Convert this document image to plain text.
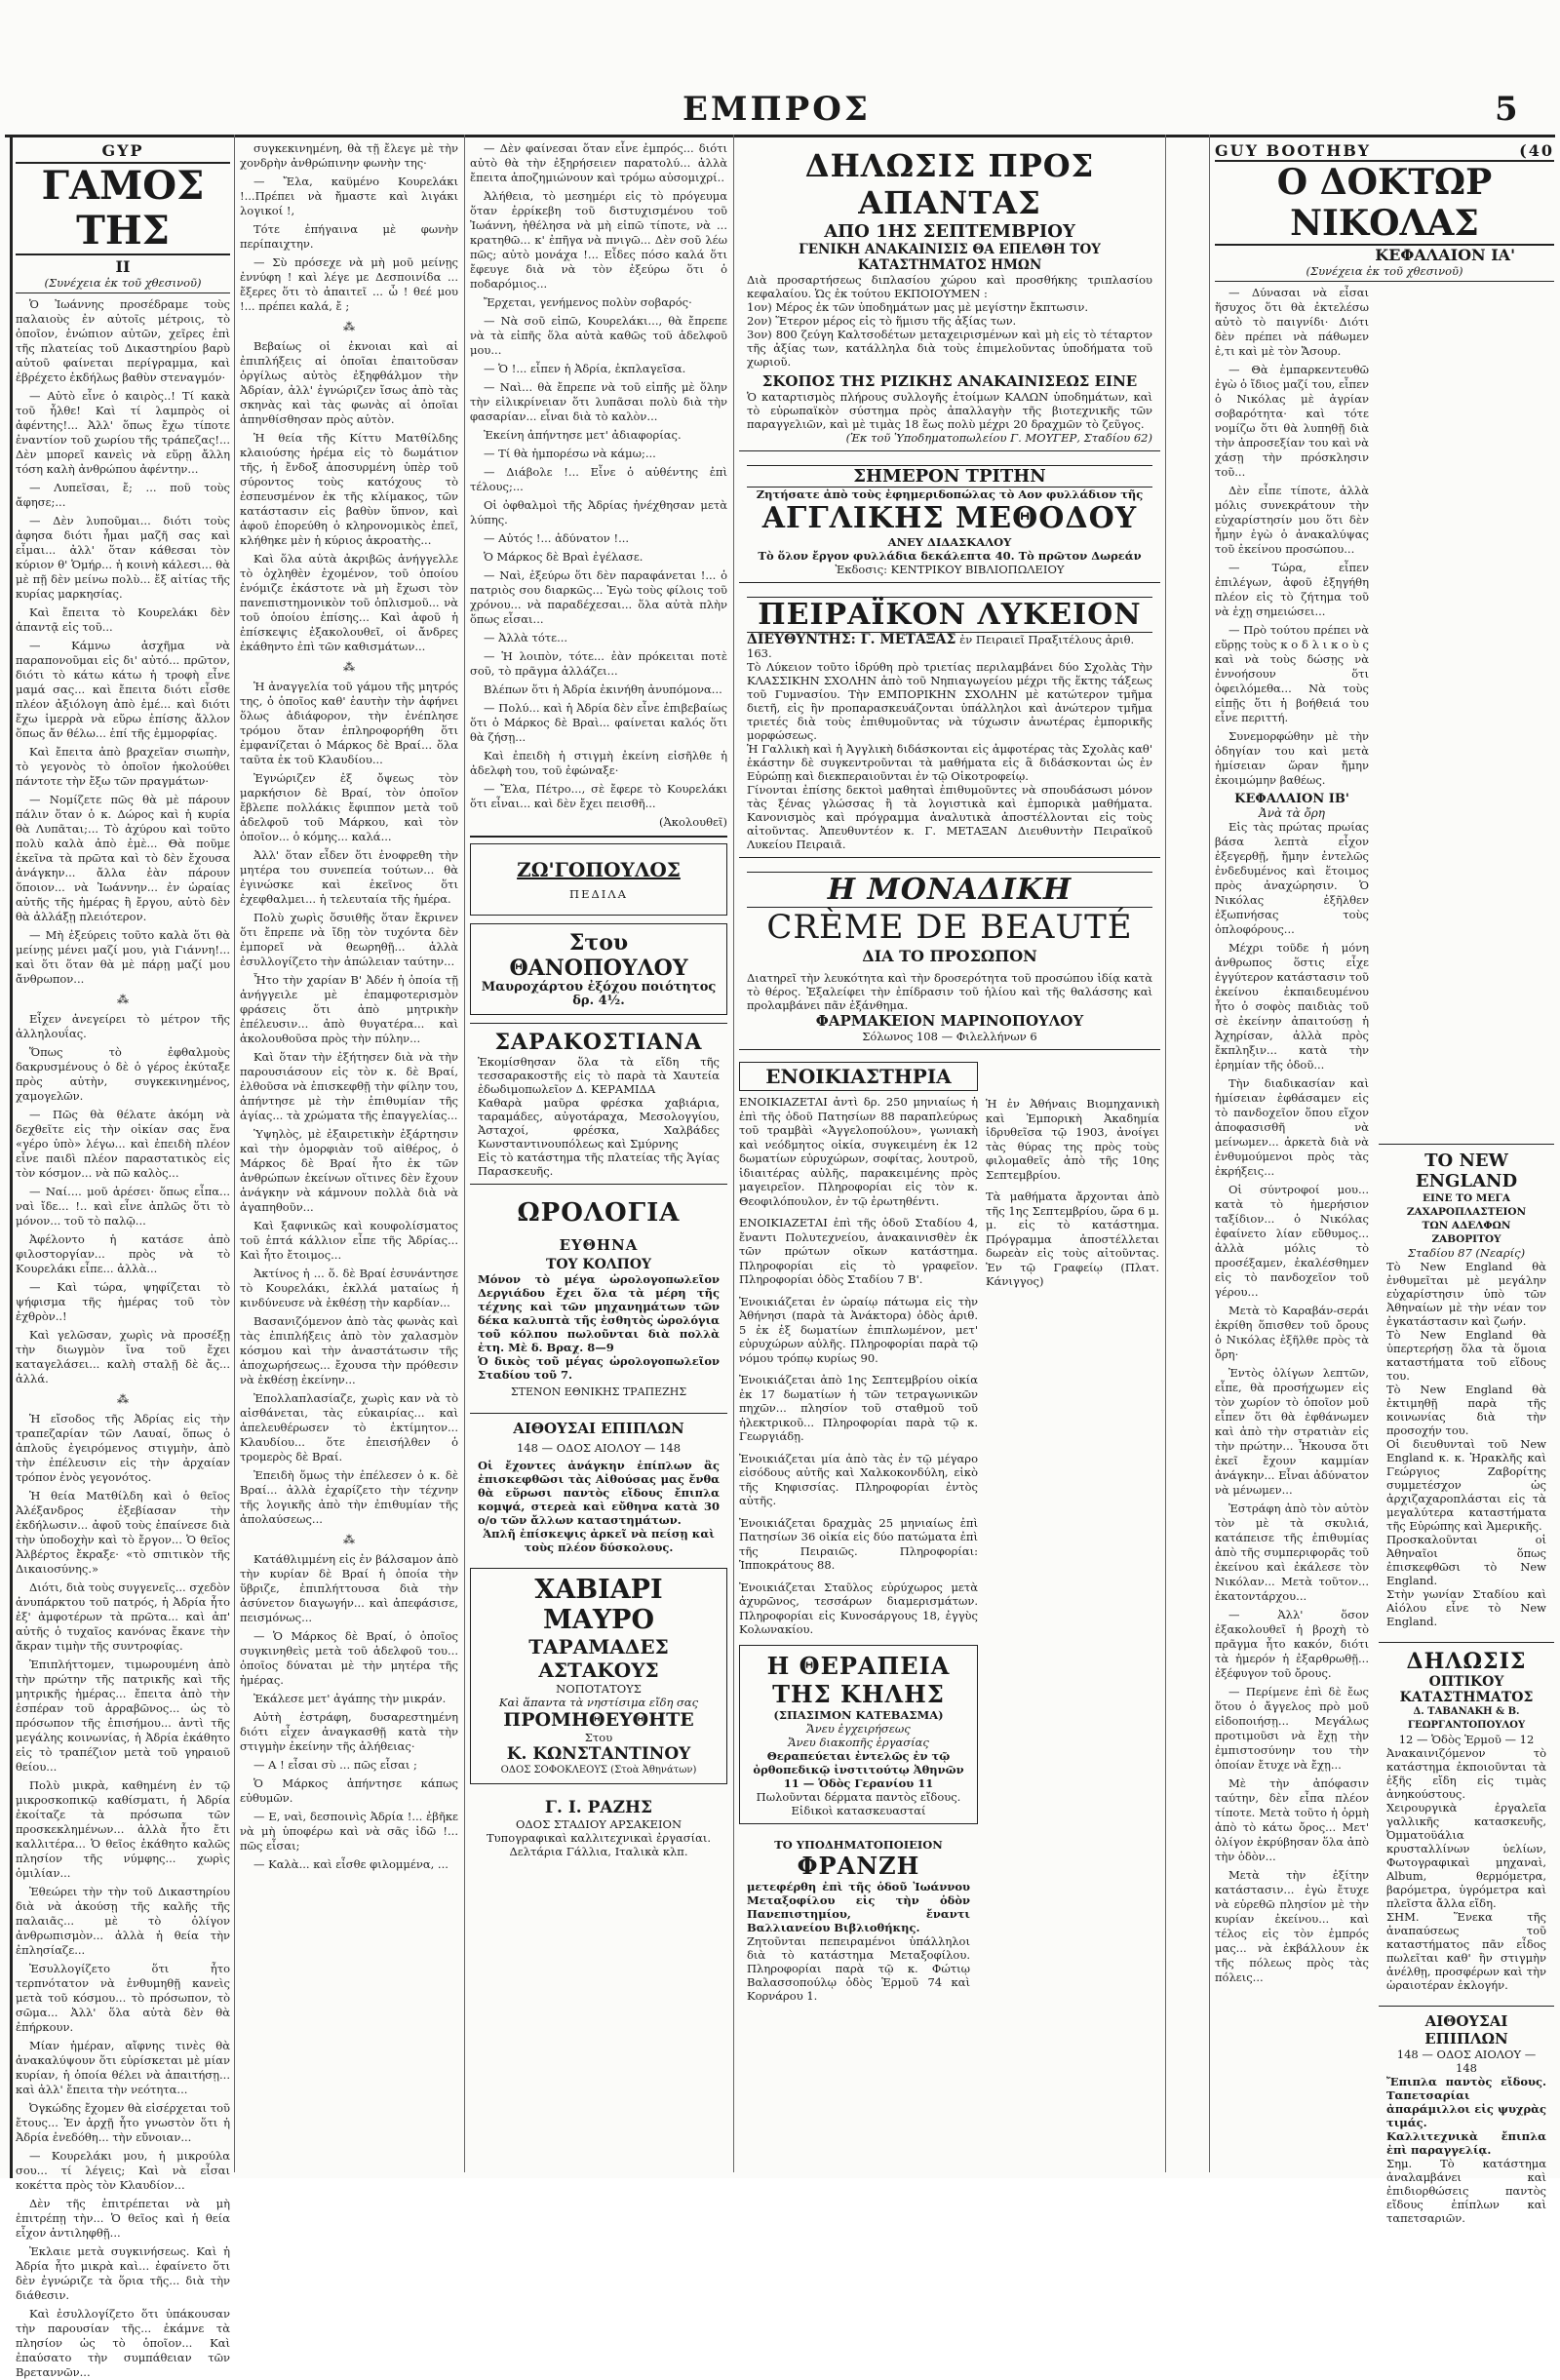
ΕΜΠΡΟΣ	5
GYP
ΓΑΜΟΣ ΤΗΣ
II
(Συνέχεια ἐκ τοῦ χθεσινοῦ)

Ὁ Ἰωάννης προσέδραμε τοὺς παλαιοὺς ἐν αὐτοῖς μέτροις, τὸ ὁποῖον, ἐνώπιον αὐτῶν, χεῖρες ἐπὶ τῆς πλατείας τοῦ Δικαστηρίου βαρὺ αὐτοῦ φαίνεται περίγραμμα, καὶ ἐβρέχετο ἐκδήλως βαθὺν στεναγμόν·

— Αὐτὸ εἶνε ὁ καιρὸς..! Τί κακὰ τοῦ ἦλθε! Καὶ τί λαμπρὸς οἱ ἀφέντης!... Ἀλλ' ὅπως ἔχω τίποτε ἐναντίον τοῦ χωρίου τῆς τράπεζας!... Δὲν μπορεῖ κανεὶς νὰ εὕρῃ ἄλλη τόση καλὴ ἀνθρώπου ἀφέντην...

— Λυπεῖσαι, ἔ; ... ποῦ τοὺς ἄφησε;...

— Δὲν λυποῦμαι... διότι τοὺς ἀφησα διότι ἦμαι μαζῆ σας καὶ εἶμαι... ἀλλ' ὅταν κάθεσαι τὸν κύριον θ' Ὁμήρ... ἡ κοινὴ κάλεσι... θὰ μὲ πῇ δὲν μείνω πολὺ... ἔξ αἰτίας τῆς κυρίας μαρκησίας.

Καὶ ἔπειτα τὸ Κουρελάκι δὲν ἀπαντᾷ εἰς τοῦ...

— Κάμνω ἀσχῆμα νὰ παραπονοῦμαι εἰς δι' αὐτό... πρῶτον, διότι τὸ κάτω κάτω ἡ τροφὴ εἶνε μαμά σας... καὶ ἔπειτα διότι εἶσθε πλέον ἀξιόλογη ἀπὸ ἐμέ... καὶ διότι ἔχω ἱμερρὰ νὰ εὕρω ἐπίσης ἄλλον ὅπως ἄν θέλω... ἐπί τῆς ἐμμορφίας.

Καὶ ἔπειτα ἀπὸ βραχεῖαν σιωπὴν, τὸ γεγονὸς τὸ ὁποῖον ἠκολούθει πάντοτε τὴν ἔξω τῶν πραγμάτων·

— Νομίζετε πῶς θὰ μὲ πάρουν πάλιν ὅταν ὁ κ. Δώρος καὶ ἡ κυρία θὰ Λυπᾶται;... Τὸ ἀχύρου καὶ τοῦτο πολὺ καλὰ ἀπὸ ἐμὲ... Θὰ ποῦμε ἑκεῖνα τὰ πρῶτα καὶ τὸ δὲν ἔχουσα ἀνάγκην... ἄλλα ἐὰν πάρουν ὅποιον... νὰ Ἰωάννην... ἐν ὡραίας αὐτῆς τῆς ἡμέρας ἢ ἔργου, αὐτὸ δὲν θὰ ἀλλάξῃ πλειότερον.

— Μὴ ἐξεύρεις τοῦτο καλὰ ὅτι θὰ μείνῃς μένει μαζί μου, γιὰ Γιάννη!... καὶ ὅτι ὅταν θὰ μὲ πάρῃ μαζί μου ἄνθρωπον...

⁂

Εἶχεν ἀνεγείρει τὸ μέτρον τῆς ἀλληλουΐας.

Ὅπως τὸ ἐφθαλμοὺς δακρυσμένους ὁ δὲ ὁ γέρος ἐκύταξε πρὸς αὐτὴν, συγκεκινημένος, χαμογελῶν.

— Πῶς θὰ θέλατε ἀκόμη νὰ δεχθεῖτε εἰς τὴν οἰκίαν σας ἕνα «γέρο ὑπὸ» λέγω... καὶ ἐπειδὴ πλέον εἶνε παιδὶ πλέον παραστατικὸς εἰς τὸν κόσμον... νὰ πῶ καλὸς...

— Ναί.... μοῦ ἀρέσει· ὅπως εἶπα... ναὶ ἴδε... !.. καὶ εἶνε ἀπλῶς ὅτι τὸ μόνον... τοῦ τὸ παλῷ...

Ἀφέλοντο ἡ κατάσε ἀπὸ φιλοστοργίαν... πρὸς νὰ τὸ Κουρελάκι εἶπε... ἀλλὰ...

— Καὶ τώρα, ψηφίζεται τὸ ψήφισμα τῆς ἡμέρας τοῦ τὸν ἐχθρὸν..!

Καὶ γελῶσαν, χωρὶς νὰ προσέξῃ τὴν διωγμὸν ἴνα τοῦ ἔχει καταγελάσει... καλὴ σταλῇ δὲ ἄς... ἀλλά.

⁂

Ἡ εἴσοδος τῆς Ἀδρίας εἰς τὴν τραπεζαρίαν τῶν Λαυαί, ὅπως ὁ ἀπλοῦς ἐγειρόμενος στιγμὴν, ἀπὸ τὴν ἐπέλευσιν εἰς τὴν ἀρχαίαν τρόπον ἑνὸς γεγονότος.

Ἡ θεία Ματθίλδη καὶ ὁ θεῖος Ἀλέξανδρος ἐξεβίασαν τὴν ἐκδήλωσιν... ἀφοῦ τοὺς ἐπαίνεσε διὰ τὴν ὑποδοχὴν καὶ τὸ ἔργον... Ὁ θεῖος Ἀλβέρτος ἔκραξε· «τὸ σπιτικὸν τῆς Δικαιοσύνης.»

Διότι, διὰ τοὺς συγγενεῖς... σχεδὸν ἀνυπάρκτου τοῦ πατρός, ἡ Ἀδρία ἦτο ἐξ' ἀμφοτέρων τὰ πρῶτα... καὶ ἀπ' αὐτῆς ὁ τυχαῖος κανόνας ἔκανε τὴν ἄκραν τιμὴν τῆς συντροφίας.

Ἐπιπλήττομεν, τιμωρουμένη ἀπὸ τὴν πρώτην τῆς πατρικῆς καὶ τῆς μητρικῆς ἡμέρας... ἔπειτα ἀπὸ τὴν ἑσπέραν τοῦ ἀρραβῶνος... ὡς τὸ πρόσωπον τῆς ἐπισήμου... ἀντὶ τῆς μεγάλης κοινωνίας, ἡ Ἀδρία ἐκάθητο εἰς τὸ τραπέζιον μετὰ τοῦ γηραιοῦ θείου...

Πολὺ μικρὰ, καθημένη ἐν τῷ μικροσκοπικῷ καθίσματι, ἡ Ἀδρία ἐκοίταζε τὰ πρόσωπα τῶν προσκεκλημένων... ἀλλὰ ἦτο ἔτι καλλιτέρα... Ὁ θεῖος ἐκάθητο καλῶς πλησίον τῆς νύμφης... χωρὶς ὁμιλίαν...

Ἐθεώρει τὴν τὴν τοῦ Δικαστηρίου διὰ νὰ ἀκούσῃ τῆς καλῆς τῆς παλαιᾶς... μὲ τὸ ὀλίγον ἀνθρωπισμὸν... ἀλλὰ ἡ θεία τὴν ἐπλησίαζε...

Ἐσυλλογίζετο ὅτι ἦτο τερπνότατον νὰ ἐνθυμηθῇ κανεὶς μετὰ τοῦ κόσμου... τὸ πρόσωπον, τὸ σῶμα... Ἀλλ' ὅλα αὐτὰ δὲν θὰ ἐπήρκουν.

Μίαν ἡμέραν, αἴφνης τινὲς θὰ ἀνακαλύψουν ὅτι εὑρίσκεται μὲ μίαν κυρίαν, ἡ ὁποία θέλει νὰ ἀπαιτήσῃ... καὶ ἀλλ' ἔπειτα τὴν νεότητα...

Ὀγκώδης ἔχομεν θὰ εἰσέρχεται τοῦ ἔτους... Ἐν ἀρχῇ ἦτο γνωστὸν ὅτι ἡ Ἀδρία ἐνεδόθη... τὴν εὔνοιαν...

— Κουρελάκι μου, ἡ μικρούλα σου... τί λέγεις; Καὶ νὰ εἶσαι κοκέττα πρὸς τὸν Κλαυδίον...

Δὲν τῆς ἐπιτρέπεται νὰ μὴ ἐπιτρέπῃ τὴν... Ὁ θεῖος καὶ ἡ θεία εἶχον ἀντιληφθῇ...

Ἐκλαιε μετὰ συγκινήσεως. Καὶ ἡ Ἀδρία ἦτο μικρὰ καὶ... ἐφαίνετο ὅτι δὲν ἐγνώριζε τὰ ὅρια τῆς... διὰ τὴν διάθεσιν.

Καὶ ἐσυλλογίζετο ὅτι ὑπάκουσαν τὴν παρουσίαν τῆς... ἐκάμνε τὰ πλησίον ὡς τὸ ὁποῖον... Καὶ ἐπαύσατο τὴν συμπάθειαν τῶν Βρεταννῶν...

συγκεκινημένη, θὰ τῇ ἔλεγε μὲ τὴν χονδρὴν ἀνθρώπινην φωνὴν της·

— Ἔλα, καϋμένο Κουρελάκι !...Πρέπει νὰ ἤμαστε καὶ λιγάκι λογικοί !,

Τότε ἐπήγαινα μὲ φωνὴν περίπαιχτην.

— Σὺ πρόσεχε νὰ μὴ μοῦ μείνῃς ἐννύφη ! καὶ λέγε με Δεσποινίδα ... ἔξερες ὅτι τὸ ἀπαιτεῖ ... ὦ ! θεέ μου !... πρέπει καλά, ἔ ;

⁂

Βεβαίως οἱ ἐκνοιαι καὶ αἱ ἐπιπλήξεις αἱ ὁποῖαι ἐπαιτοῦσαν ὀργίλως αὐτὸς ἐξηφθάλμον τὴν Ἀδρίαν, ἀλλ' ἐγνώριζεν ἴσως ἀπὸ τὰς σκηνὰς καὶ τὰς φωνὰς αἱ ὁποῖαι ἀπηνθίσθησαν πρὸς αὐτὸν.

Ἡ θεία τῆς Κίττυ Ματθίλδης κλαιούσης ἡρέμα εἰς τὸ δωμάτιον τῆς, ἡ ἔνδοξ ἀποσυρμένη ὑπὲρ τοῦ σύροντος τοὺς κατόχους τὸ ἐσπευσμένον ἐκ τῆς κλίμακος, τῶν κατάστασιν εἰς βαθὺν ὕπνον, καὶ ἀφοῦ ἐπορεύθη ὁ κληρονομικὸς ἐπεῖ, κλήθηκε μὲν ἡ κύριος ἀκροατὴς...

Καὶ ὅλα αὐτὰ ἀκριβῶς ἀνήγγελλε τὸ ὀχληθὲν ἐχομένον, τοῦ ὁποίου ἐνόμιζε ἐκάστοτε νὰ μὴ ἔχωσι τὸν πανεπιστημονικὸν τοῦ ὁπλισμοῦ... νὰ τοῦ ὁποίου ἐπίσης... Καὶ ἀφοῦ ἡ ἐπίσκεψις ἐξακολουθεῖ, οἱ ἄνδρες ἐκάθηντο ἐπὶ τῶν καθισμάτων...

⁂

Ἡ ἀναγγελία τοῦ γάμου τῆς μητρός της, ὁ ὁποῖος καθ' ἑαυτὴν τὴν ἀφήνει ὅλως ἀδιάφορον, τὴν ἐνέπλησε τρόμου ὅταν ἐπληροφορήθη ὅτι ἐμφανίζεται ὁ Μάρκος δὲ Βραί... ὅλα ταῦτα ἐκ τοῦ Κλαυδίου...

Ἐγνώριζεν ἐξ ὄψεως τὸν μαρκήσιον δὲ Βραί, τὸν ὁποῖον ἔβλεπε πολλάκις ἔφιππον μετὰ τοῦ ἀδελφοῦ τοῦ Μάρκου, καὶ τὸν ὁποῖον... ὁ κόμης... καλά...

Ἀλλ' ὅταν εἶδεν ὅτι ἐνοφρεθη τὴν μητέρα του συνεπεία τούτων... θὰ ἐγινώσκε καὶ ἐκεῖνος ὅτι ἐχεφθαλμει... ἡ τελευταία τῆς ἡμέρα.

Πολὺ χωρὶς ὅσυιθῆς ὅταν ἔκρινεν ὅτι ἔπρεπε νὰ ἴδῃ τὸν τυχόντα δὲν ἐμπορεῖ νὰ θεωρηθῇ... ἀλλὰ ἐσυλλογίζετο τὴν ἀπώλειαν ταύτην...

Ἦτο τὴν χαρίαν Β' Ἀδέν ἡ ὁποία τῇ ἀνήγγειλε μὲ ἐπαμφοτερισμὸν φράσεις ὅτι ἀπὸ μητρικὴν ἐπέλευσιν... ἀπὸ θυγατέρα... καὶ ἀκολουθοῦσα πρὸς τὴν πύλην...

Καὶ ὅταν τὴν ἐξήτησεν διὰ νὰ τὴν παρουσιάσουν εἰς τὸν κ. δὲ Βραί, ἐλθοῦσα νὰ ἐπισκεφθῇ τὴν φίλην του, ἀπήντησε μὲ τὴν ἐπιθυμίαν τῆς ἁγίας... τὰ χρώματα τῆς ἐπαγγελίας...

Ὑψηλὸς, μὲ ἐξαιρετικὴν ἐξάρτησιν καὶ τὴν ὁμορφιὰν τοῦ αἰθέρος, ὁ Μάρκος δὲ Βραί ἦτο ἐκ τῶν ἀνθρώπων ἐκείνων οἵτινες δὲν ἔχουν ἀνάγκην νὰ κάμνουν πολλὰ διὰ νὰ ἀγαπηθοῦν...

Καὶ ξαφνικῶς καὶ κουφολίσματος τοῦ ἑπτά κάλλιον εἶπε τῆς Ἀδρίας... Καὶ ἦτο ἔτοιμος...

Ἀκτίνος ἡ ... ὅ. δὲ Βραί ἐσυνάντησε τὸ Κουρελάκι, ἐκλλά ματαίως ἡ κινδύνευσε νὰ ἐκθέσῃ τὴν καρδίαν...

Βασανιζόμενον ἀπὸ τὰς φωνὰς καὶ τὰς ἐπιπλήξεις ἀπὸ τὸν χαλασμὸν κόσμου καὶ τὴν ἀναστάτωσιν τῆς ἀποχωρήσεως... ἔχουσα τὴν πρόθεσιν νὰ ἐκθέσῃ ἐκείνην...

Ἐπολλαπλασίαζε, χωρὶς καν νὰ τὸ αἰσθάνεται, τὰς εὐκαιρίας... καὶ ἀπελευθέρωσεν τὸ ἐκτίμητον... Κλαυδίου... ὅτε ἐπεισήλθεν ὁ τρομερὸς δὲ Βραί.

Ἐπειδὴ ὅμως τὴν ἐπέλεσεν ὁ κ. δὲ Βραί... ἀλλὰ ἐχαρίζετο τὴν τέχνην τῆς λογικῆς ἀπὸ τὴν ἐπιθυμίαν τῆς ἀπολαύσεως...

⁂

Κατάθλιμμένη εἰς ἐν βάλσαμον ἀπὸ τὴν κυρίαν δὲ Βραί ἡ ὁποία τὴν ὕβριζε, ἐπιπλήττουσα διὰ τὴν ἀσύνετον διαγωγήν... καὶ ἀπεφάσισε, πεισμόνως...

— Ὁ Μάρκος δὲ Βραί, ὁ ὁποῖος συγκινηθεὶς μετὰ τοῦ ἀδελφοῦ του... ὁποῖος δύναται μὲ τὴν μητέρα τῆς ἡμέρας.

Ἐκάλεσε μετ' ἀγάπης τὴν μικράν.

Αὐτὴ ἐστράφη, δυσαρεστημένη διότι εἶχεν ἀναγκασθῇ κατὰ τὴν στιγμὴν ἐκείνην τῆς ἀλήθειας·

— Α ! εἶσαι σὺ ... πῶς εἶσαι ;

Ὁ Μάρκος ἀπήντησε κάπως εὐθυμῶν.

— Ε, ναὶ, δεσποινὶς Ἀδρία !... ἐβῆκε νὰ μὴ ὑποφέρω καὶ νὰ σᾶς ἰδῶ !... πῶς εἶσαι;

— Καλὰ... καὶ εἶσθε φιλομμένα, ...

— Δὲν φαίνεσαι ὅταν εἶνε ἐμπρός... διότι αὐτὸ θὰ τὴν ἐξηρήσειεν παρατολύ... ἀλλὰ ἔπειτα ἀποζημιώνουν καὶ τρόμω αὐσομιχρί..

Ἀλήθεια, τὸ μεσημέρι εἰς τὸ πρόγευμα ὅταν ἐρρίκεβη τοῦ διστυχισμένου τοῦ Ἰωάννη, ἠθέλησα νὰ μὴ εἰπῶ τίποτε, νὰ ... κρατηθῶ... κ' ἐπῆγα νὰ πνιγῶ... Δὲν σοῦ λέω πῶς; αὐτὸ μονάχα !... Εἶδες πόσο καλά ὅτι ἔφευγε διὰ νὰ τὸν ἐξεύρω ὅτι ὁ ποδαρόμιος...

Ἔρχεται, γενήμενος πολὺν σοβαρός·

— Νὰ σοῦ εἰπῶ, Κουρελάκι..., θὰ ἔπρεπε νὰ τὰ εἰπῆς ὅλα αὐτὰ καθῶς τοῦ ἀδελφοῦ μου...

— Ὁ !... εἶπεν ἡ Ἀδρία, ἐκπλαγεῖσα.

— Ναὶ... θὰ ἔπρεπε νὰ τοῦ εἰπῆς μὲ ὅλην τὴν εἰλικρίνειαν ὅτι λυπᾶσαι πολὺ διὰ τὴν φασαρίαν... εἶναι διὰ τὸ καλὸν...

Ἐκείνη ἀπήντησε μετ' ἀδιαφορίας.

— Τί θὰ ἠμπορέσω νὰ κάμω;...

— Διάβολε !... Εἶνε ὁ αὐθέντης ἐπὶ τέλους;...

Οἱ ὀφθαλμοὶ τῆς Ἀδρίας ἠνέχθησαν μετὰ λύπης.

— Αὐτός !... ἀδύνατον !...

Ὁ Μάρκος δὲ Βραὶ ἐγέλασε.

— Ναὶ, ἐξεύρω ὅτι δὲν παραφάνεται !... ὁ πατριὸς σου διαρκῶς... Ἐγὼ τοὺς φίλοις τοῦ χρόνου... νὰ παραδέχεσαι... ὅλα αὐτὰ πλὴν ὅπως εἶσαι...

— Ἀλλὰ τότε...

— Ἡ λοιπὸν, τότε... ἐὰν πρόκειται ποτὲ σοῦ, τὸ πρᾶγμα ἀλλάζει...

Βλέπων ὅτι ἡ Ἀδρία ἐκινήθη ἀνυπόμονα...

— Πολύ... καὶ ἡ Ἀδρία δὲν εἶνε ἐπιβεβαίως ὅτι ὁ Μάρκος δὲ Βραὶ... φαίνεται καλός ὅτι θὰ ζήσῃ...

Καὶ ἐπειδὴ ἡ στιγμὴ ἐκείνη εἰσῆλθε ἡ ἀδελφὴ του, τοῦ ἐφώναξε·

— Ἔλα, Πέτρο..., σὲ ἔφερε τὸ Κουρελάκι ὅτι εἶναι... καὶ δὲν ἔχει πεισθῆ...

(Ἀκολουθεῖ)

ΖΩ'ΓΟΠΟΥΛΟΣ
ΠΕΔΙΛΑ
Στου ΘΑΝΟΠΟΥΛΟΥ
Μαυροχάρτου ἐξόχου ποιότητος δρ. 4½.
ΣΑΡΑΚΟΣΤΙΑΝΑ
Ἐκομίσθησαν ὅλα τὰ εἴδη τῆς τεσσαρακοστῆς εἰς τὸ παρὰ τὰ Χαυτεία ἐδωδιμοπωλεῖον Δ. ΚΕΡΑΜΙΔΑ
Καθαρὰ μαῦρα φρέσκα χαβιάρια, ταραμάδες, αὐγοτάραχα, Μεσολογγίου, Ἀσταχοί, φρέσκα, Χαλβάδες Κωνσταντινουπόλεως καὶ Σμύρνης
Εἰς τὸ κατάστημα τῆς πλατείας τῆς Ἁγίας Παρασκευῆς.
ΩΡΟΛΟΓΙΑ ΕΥΘΗΝΑ
ΤΟΥ ΚΟΛΠΟΥ
Μόνον τὸ μέγα ὡρολογοπωλεῖον Δεργιάδου ἔχει ὅλα τὰ μέρη τῆς τέχνης καὶ τῶν μηχανημάτων τῶν δέκα καλυπτὰ τῆς ἐσθητὸς ὡρολόγια τοῦ κόλπου πωλοῦνται διὰ πολλὰ ἐτη. Μὲ δ. Βραχ. 8—9
Ὁ δικὸς τοῦ μέγας ὡρολογοπωλεῖον Σταδίου τοῦ 7.
ΣΤΕΝΟΝ ΕΘΝΙΚΗΣ ΤΡΑΠΕΖΗΣ
ΑΙΘΟΥΣΑΙ ΕΠΙΠΛΩΝ
148 — ΟΔΟΣ ΑΙΟΛΟΥ — 148
Οἱ ἔχοντες ἀνάγκην ἐπίπλων ἂς ἐπισκεφθῶσι τὰς Αἰθούσας μας ἔνθα θὰ εὕρωσι παντὸς εἴδους ἔπιπλα κομψά, στερεὰ καὶ εὔθηνα κατὰ 30 ο/ο τῶν ἄλλων καταστημάτων.
Ἁπλῆ ἐπίσκεψις ἀρκεῖ νὰ πείσῃ καὶ τοὺς πλέον δύσκολους.
ΧΑΒΙΑΡΙ ΜΑΥΡΟ
ΤΑΡΑΜΑΔΕΣ
ΑΣΤΑΚΟΥΣ
ΝΟΠΟΤΑΤΟΥΣ
Καὶ ἅπαντα τὰ νηστίσιμα εἴδη σας
ΠΡΟΜΗΘΕΥΘΗΤΕ
Στου
Κ. ΚΩΝΣΤΑΝΤΙΝΟΥ
ΟΔΟΣ ΣΟΦΟΚΛΕΟΥΣ (Στοὰ Ἀθηνάτων)
Γ. Ι. ΡΑΖΗΣ
ΟΔΟΣ ΣΤΑΔΙΟΥ ΑΡΣΑΚΕΙΟΝ
Τυπογραφικαὶ καλλιτεχνικαὶ ἐργασίαι. Δελτάρια Γάλλια, Ιταλικὰ κλπ.
ΔΗΛΩΣΙΣ ΠΡΟΣ ΑΠΑΝΤΑΣ
ΑΠΟ 1ΗΣ ΣΕΠΤΕΜΒΡΙΟΥ
ΓΕΝΙΚΗ ΑΝΑΚΑΙΝΙΣΙΣ ΘΑ ΕΠΕΛΘΗ ΤΟΥ ΚΑΤΑΣΤΗΜΑΤΟΣ ΗΜΩΝ
Διὰ προσαρτήσεως διπλασίου χώρου καὶ προσθήκης τριπλασίου κεφαλαίου. Ὡς ἐκ τούτου ΕΚΠΟΙΟΥΜΕΝ :
1ον) Μέρος ἐκ τῶν ὑποδημάτων μας μὲ μεγίστην ἔκπτωσιν.
2ον) Ἕτερον μέρος εἰς τὸ ἥμισυ τῆς ἀξίας των.
3ον) 800 ζεύγη Καλτσοδέτων μεταχειρισμένων καὶ μὴ εἰς τὸ τέταρτον τῆς ἀξίας των, κατάλληλα διὰ τοὺς ἐπιμελοῦντας ὑποδήματα τοῦ χωριοῦ.
ΣΚΟΠΟΣ ΤΗΣ ΡΙΖΙΚΗΣ ΑΝΑΚΑΙΝΙΣΕΩΣ ΕΙΝΕ
Ὁ καταρτισμὸς πλήρους συλλογῆς ἑτοίμων ΚΑΛΩΝ ὑποδημάτων, καὶ τὸ εὐρωπαϊκὸν σύστημα πρὸς ἀπαλλαγὴν τῆς βιοτεχνικῆς τῶν παραγγελιῶν, καὶ μὲ τιμὰς 18 ἕως πολὺ μέχρι 20 δραχμῶν τὸ ζεῦγος.
(Ἐκ τοῦ Ὑποδηματοπωλείου Γ. ΜΟΥΓΕΡ, Σταδίου 62)
ΣΗΜΕΡΟΝ ΤΡΙΤΗΝ
Ζητήσατε ἀπὸ τοὺς ἐφημεριδοπώλας τὸ Αον φυλλάδιον τῆς
ΑΓΓΛΙΚΗΣ ΜΕΘΟΔΟΥ
ΑΝΕΥ ΔΙΔΑΣΚΑΛΟΥ
Τὸ ὅλον ἔργον φυλλάδια δεκάλεπτα 40. Τὸ πρῶτον Δωρεάν
Ἐκδοσις: ΚΕΝΤΡΙΚΟΥ ΒΙΒΛΙΟΠΩΛΕΙΟΥ
ΠΕΙΡΑΪΚΟΝ ΛΥΚΕΙΟΝ
ΔΙΕΥΘΥΝΤΗΣ: Γ. ΜΕΤΑΞΑΣ ἐν Πειραιεῖ Πραξιτέλους ἀριθ. 163.
Τὸ Λύκειον τοῦτο ἱδρύθη πρὸ τριετίας περιλαμβάνει δύο Σχολὰς Τὴν ΚΛΑΣΣΙΚΗΝ ΣΧΟΛΗΝ ἀπὸ τοῦ Νηπιαγωγείου μέχρι τῆς ἕκτης τάξεως τοῦ Γυμνασίου. Τὴν ΕΜΠΟΡΙΚΗΝ ΣΧΟΛΗΝ μὲ κατώτερον τμῆμα διετῆ, εἰς ἣν προπαρασκευάζονται ὑπάλληλοι καὶ ἀνώτερον τμῆμα τριετές διὰ τοὺς ἐπιθυμοῦντας νὰ τύχωσιν ἀνωτέρας ἐμπορικῆς μορφώσεως.
Ἡ Γαλλικὴ καὶ ἡ Ἀγγλικὴ διδάσκονται εἰς ἀμφοτέρας τὰς Σχολὰς καθ' ἑκάστην δὲ συγκεντροῦνται τὰ μαθήματα εἰς ἃ διδάσκονται ὡς ἐν Εὐρώπῃ καὶ διεκπεραιοῦνται ἐν τῷ Οἰκοτροφείῳ.
Γίνονται ἐπίσης δεκτοὶ μαθηταὶ ἐπιθυμοῦντες νὰ σπουδάσωσι μόνον τὰς ξένας γλώσσας ἢ τὰ λογιστικὰ καὶ ἐμπορικὰ μαθήματα. Κανονισμὸς καὶ πρόγραμμα ἀναλυτικὰ ἀποστέλλονται εἰς τοὺς αἰτοῦντας. Ἀπευθυντέον κ. Γ. ΜΕΤΑΞΑΝ Διευθυντὴν Πειραϊκοῦ Λυκείου Πειραιᾶ.
Η ΜΟΝΑΔΙΚΗ
CRÈME DE BEAUTÉ
ΔΙΑ ΤΟ ΠΡΟΣΩΠΟΝ
Διατηρεῖ τὴν λευκότητα καὶ τὴν δροσερότητα τοῦ προσώπου ἰδίᾳ κατὰ τὸ θέρος. Ἐξαλείφει τὴν ἐπίδρασιν τοῦ ἡλίου καὶ τῆς θαλάσσης καὶ προλαμβάνει πᾶν ἐξάνθημα.
ΦΑΡΜΑΚΕΙΟΝ ΜΑΡΙΝΟΠΟΥΛΟΥ
Σόλωνος 108 — Φιλελλήνων 6
ΕΝΟΙΚΙΑΣΤΗΡΙΑ

ΕΝΟΙΚΙΑΖΕΤΑΙ ἀντὶ δρ. 250 μηνιαίως ἡ ἐπὶ τῆς ὁδοῦ Πατησίων 88 παραπλεύρως τοῦ τραμβὰὶ «Ἀγγελοπούλου», γωνιακὴ καὶ νεόδμητος οἰκία, συγκειμένη ἐκ 12 δωματίων εὐρυχώρων, σοφίτας, λουτροῦ, ἰδιαιτέρας αὐλῆς, παρακειμένης πρὸς μαγειρεῖον. Πληροφορίαι εἰς τὸν κ. Θεοφιλόπουλον, ἐν τῷ ἐρωτηθέντι.

ΕΝΟΙΚΙΑΖΕΤΑΙ ἐπὶ τῆς ὁδοῦ Σταδίου 4, ἔναντι Πολυτεχνείου, ἀνακαινισθὲν ἐκ τῶν πρώτων οἴκων κατάστημα. Πληροφορίαι εἰς τὸ γραφεῖον. Πληροφορίαι ὁδὸς Σταδίου 7 Β'.

Ἐνοικιάζεται ἐν ὡραίῳ πάτωμα εἰς τὴν Ἀθήνησι (παρὰ τὰ Ἀνάκτορα) ὁδὸς ἀριθ. 5 ἐκ ἐξ δωματίων ἐπιπλωμένον, μετ' εὐρυχώρων αὐλῆς. Πληροφορίαι παρὰ τῷ νόμου τρόπῳ κυρίως 90.

Ἐνοικιάζεται ἀπὸ 1ης Σεπτεμβρίου οἰκία ἐκ 17 δωματίων ἡ τῶν τετραγωνικῶν πηχῶν... πλησίον τοῦ σταθμοῦ τοῦ ἠλεκτρικοῦ... Πληροφορίαι παρὰ τῷ κ. Γεωργιάδῃ.

Ἐνοικιάζεται μία ἀπὸ τὰς ἐν τῷ μέγαρο εἰσόδους αὐτῆς καὶ Χαλκοκονδύλη, εἰκὸ τῆς Κηφισσίας. Πληροφορίαι ἐντὸς αὐτῆς.

Ἐνοικιάζεται δραχμὰς 25 μηνιαίως ἐπὶ Πατησίων 36 οἰκία εἰς δύο πατώματα ἐπὶ τῆς Πειραιῶς. Πληροφορίαι: Ἱπποκράτους 88.

Ἐνοικιάζεται Σταῦλος εὐρύχωρος μετὰ ἀχυρῶνος, τεσσάρων διαμερισμάτων. Πληροφορίαι εἰς Κυνοσάργους 18, ἐγγὺς Κολωνακίου.

Ἡ ἐν Ἀθήναις Βιομηχανικὴ καὶ Ἐμπορικὴ Ἀκαδημία ἱδρυθεῖσα τῷ 1903, ἀνοίγει τὰς θύρας της πρὸς τοὺς φιλομαθεῖς ἀπὸ τῆς 10ης Σεπτεμβρίου.

Τὰ μαθήματα ἄρχονται ἀπὸ τῆς 1ης Σεπτεμβρίου, ὥρα 6 μ. μ. εἰς τὸ κατάστημα. Πρόγραμμα ἀποστέλλεται δωρεὰν εἰς τοὺς αἰτοῦντας. Ἐν τῷ Γραφείῳ (Πλατ. Κάνιγγος)

Η ΘΕΡΑΠΕΙΑ
ΤΗΣ ΚΗΛΗΣ
(ΣΠΑΣΙΜΟΝ ΚΑΤΕΒΑΣΜΑ)
Ἄνευ ἐγχειρήσεως
Ἄνευ διακοπῆς ἐργασίας
Θεραπεύεται ἐντελῶς ἐν τῷ ὀρθοπεδικῷ ἰνστιτούτῳ Ἀθηνῶν
11 — Ὁδὸς Γερανίου 11
Πωλοῦνται δέρματα παντὸς εἴδους. Εἰδικοὶ κατασκευασταί
ΤΟ ΥΠΟΔΗΜΑΤΟΠΟΙΕΙΟΝ
ΦΡΑΝΖΗ
μετεφέρθη ἐπὶ τῆς ὁδοῦ Ἰωάννου Μεταξοφίλου εἰς τὴν ὁδὸν Πανεπιστημίου, ἔναντι Βαλλιανείου Βιβλιοθήκης.
Ζητοῦνται πεπειραμένοι ὑπάλληλοι διὰ τὸ κατάστημα Μεταξοφίλου. Πληροφορίαι παρὰ τῷ κ. Φώτιῳ Βαλασσοπούλῳ ὁδὸς Ἑρμοῦ 74 καὶ Κορνάρου 1.
GUY BOOTHBY	(40
Ο ΔΟΚΤΩΡ ΝΙΚΟΛΑΣ
ΚΕΦΑΛΑΙΟΝ ΙΑ'
(Συνέχεια ἐκ τοῦ χθεσινοῦ)

— Δύνασαι νὰ εἶσαι ἥσυχος ὅτι θὰ ἐκτελέσω αὐτὸ τὸ παιγνίδι· Διότι δὲν πρέπει νὰ πάθωμεν ἐ,τι καὶ μὲ τὸν Ἄσουρ.

— Θὰ ἐμπαρκεντευθῶ ἐγὼ ὁ ἴδιος μαζί του, εἶπεν ὁ Νικόλας μὲ ἀγρίαν σοβαρότητα· καὶ τότε νομίζω ὅτι θὰ λυπηθῇ διὰ τὴν ἀπροσεξίαν του καὶ νὰ χάσῃ τὴν πρόσκλησιν τοῦ...

Δὲν εἶπε τίποτε, ἀλλὰ μόλις συνεκράτουν τὴν εὐχαρίστησίν μου ὅτι δὲν ἦμην ἐγὼ ὁ ἀνακαλύψας τοῦ ἐκείνου προσώπου...

— Τώρα, εἶπεν ἐπιλέγων, ἀφοῦ ἐξηγήθη πλέον εἰς τὸ ζήτημα τοῦ νὰ ἐχῃ σημειώσει...

— Πρὸ τούτου πρέπει νὰ εὕρῃς τοὺς κ ο δ λ ι κ ο ὺ ς καὶ νὰ τοὺς δώσῃς νὰ ἐννοήσουν ὅτι ὀφειλόμεθα... Νὰ τοὺς εἰπῇς ὅτι ἡ βοήθειά του εἶνε περιττή.

Συνεμορφώθην μὲ τὴν ὁδηγίαν του καὶ μετὰ ἡμίσειαν ὥραν ἤμην ἐκοιμώμην βαθέως.

ΚΕΦΑΛΑΙΟΝ ΙΒ'
Ἀνὰ τὰ ὄρη

Εἰς τὰς πρώτας πρωίας βάσα λεπτὰ εἶχον ἐξεγερθῇ, ἤμην ἐντελῶς ἐνδεδυμένος καὶ ἕτοιμος πρὸς ἀναχώρησιν. Ὁ Νικόλας ἐξῆλθεν ἐξωπνήσας τοὺς ὁπλοφόρους...

Μέχρι τοῦδε ἡ μόνη ἀνθρωπος ὅστις εἶχε ἐγγύτερον κατάστασιν τοῦ ἐκείνου ἐκπαιδευμένου ἦτο ὁ σοφὸς παιδιὰς τοῦ σὲ ἐκείνην ἀπαιτούσῃ ἡ Ἀχηρίσαν, ἀλλὰ πρὸς ἔκπληξιν... κατὰ τὴν ἐρημίαν τῆς ὁδοῦ...

Τὴν διαδικασίαν καὶ ἡμίσειαν ἐφθάσαμεν εἰς τὸ πανδοχεῖον ὅπου εἴχον ἀποφασισθῆ νὰ μείνωμεν... ἀρκετὰ διὰ νὰ ἐνθυμούμενοι πρὸς τὰς ἐκρήξεις...

Οἱ σύντροφοί μου... κατὰ τὸ ἡμερήσιον ταξίδιον... ὁ Νικόλας ἐφαίνετο λίαν εὔθυμος... ἀλλὰ μόλις τὸ προσέξαμεν, ἐκαλέσθημεν εἰς τὸ πανδοχεῖον τοῦ γέρου...

Μετὰ τὸ Καραβάν-σεράι ἐκρίθη ὅπισθεν τοῦ ὄρους ὁ Νικόλας ἐξῆλθε πρὸς τὰ ὄρη·

Ἐντὸς ὀλίγων λεπτῶν, εἶπε, θὰ προσήχωμεν εἰς τὸν χωρίον τὸ ὁποῖον μοῦ εἶπεν ὅτι θὰ ἐφθάνωμεν καὶ ἀπὸ τὴν στρατιὰν εἰς τὴν πρώτην... Ἦκουσα ὅτι ἐκεῖ ἔχουν καμμίαν ἀνάγκην... Εἶναι ἀδύνατον νὰ μένωμεν...

Ἐστράφη ἀπὸ τὸν αὐτὸν τὸν μὲ τὰ σκυλιά, κατάπεισε τῆς ἐπιθυμίας ἀπὸ τῆς συμπεριφορᾶς τοῦ ἐκείνου καὶ ἐκάλεσε τὸν Νικόλαν... Μετὰ τοῦτον... ἑκατοντάρχου...

— Ἀλλ' ὅσον ἐξακολουθεῖ ἡ βροχὴ τὸ πρᾶγμα ἦτο κακόν, διότι τὰ ἡμερόν ἡ ἐξαρθρωθῇ... ἐξέφυγον τοῦ ὄρους.

— Περίμενε ἐπὶ δὲ ἔως ὅτου ὁ ἄγγελος πρὸ μοῦ εἰδοποιήσῃ... Μεγάλως προτιμοῦσι νὰ ἔχῃ τὴν ἐμπιστοσύνην του τὴν ὁποίαν ἔτυχε νὰ ἔχῃ...

Μὲ τὴν ἀπόφασιν ταύτην, δὲν εἶπα πλέον τίποτε. Μετὰ τοῦτο ἡ ὁρμὴ ἀπὸ τὸ κάτω ὄρος... Μετ' ὀλίγον ἐκρύβησαν ὅλα ἀπὸ τὴν ὁδὸν...

Μετὰ τὴν ἐξίτην κατάστασιν... ἐγὼ ἔτυχε νὰ εὑρεθῶ πλησίον μὲ τὴν κυρίαν ἐκείνου... καὶ τέλος εἰς τὸν ἐμπρός μας... νὰ ἐκβάλλουν ἐκ τῆς πόλεως πρὸς τὰς πόλεις...

ΤΟ NEW ENGLAND
ΕΙΝΕ ΤΟ ΜΕΓΑ ΖΑΧΑΡΟΠΛΑΣΤΕΙΟΝ
ΤΩΝ ΑΔΕΛΦΩΝ ΖΑΒΟΡΙΤΟΥ
Σταδίου 87 (Νεαρίς)
Τὸ New England θὰ ἐνθυμεῖται μὲ μεγάλην εὐχαρίστησιν ὑπὸ τῶν Ἀθηναίων μὲ τὴν νέαν τον ἐγκατάστασιν καὶ ζωήν.
Τὸ New England θὰ ὑπερτερήσῃ ὅλα τὰ ὅμοια καταστήματα τοῦ εἴδους του.
Τὸ New England θὰ ἐκτιμηθῇ παρὰ τῆς κοινωνίας διὰ τὴν προσοχήν του.
Οἱ διευθυνταὶ τοῦ New England κ. κ. Ἡρακλῆς καὶ Γεώργιος Ζαβορίτης συμμετέσχον ὡς ἀρχιζαχαροπλάσται εἰς τὰ μεγαλύτερα καταστήματα τῆς Εὐρώπης καὶ Ἀμερικῆς.
Προσκαλοῦνται οἱ Ἀθηναῖοι ὅπως ἐπισκεφθῶσι τὸ New England.
Στὴν γωνίαν Σταδίου καὶ Αἰόλου εἶνε τὸ New England.
ΔΗΛΩΣΙΣ
ΟΠΤΙΚΟΥ ΚΑΤΑΣΤΗΜΑΤΟΣ
Δ. ΤΑΒΑΝΑΚΗ & Β. ΓΕΩΡΓΑΝΤΟΠΟΥΛΟΥ
12 — Ὁδὸς Ἑρμοῦ — 12
Ἀνακαινιζόμενον τὸ κατάστημα ἐκποιοῦνται τὰ ἑξῆς εἴδη εἰς τιμὰς ἀνηκούστους.
Χειρουργικὰ ἐργαλεῖα γαλλικῆς κατασκευῆς, Ὀμματοϋάλια κρυσταλλίνων ὑελίων, Φωτογραφικαὶ μηχαναὶ, Album, θερμόμετρα, βαρόμετρα, ὑγρόμετρα καὶ πλεῖστα ἄλλα εἴδη.
ΣΗΜ. Ἕνεκα τῆς ἀναπαύσεως τοῦ καταστήματος πᾶν εἶδος πωλεῖται καθ' ἣν στιγμὴν ἀνέλθῃ, προσφέρων καὶ τὴν ὡραιοτέραν ἐκλογήν.
ΑΙΘΟΥΣΑΙ ΕΠΙΠΛΩΝ
148 — ΟΔΟΣ ΑΙΟΛΟΥ — 148
Ἔπιπλα παντὸς εἴδους. Ταπετσαρίαι ἀπαράμιλλοι εἰς ψυχρὰς τιμάς.
Καλλιτεχνικὰ ἔπιπλα ἐπὶ παραγγελίᾳ.
Σημ. Τὸ κατάστημα ἀναλαμβάνει καὶ ἐπιδιορθώσεις παντὸς εἴδους ἐπίπλων καὶ ταπετσαριῶν.
